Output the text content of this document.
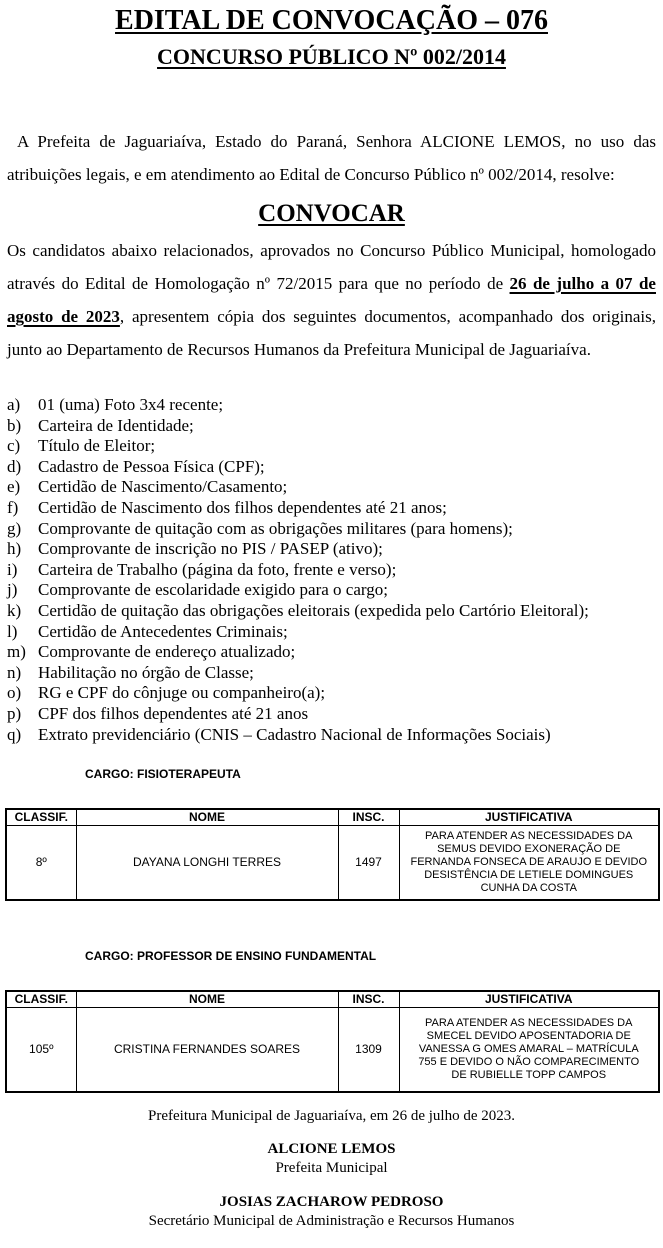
EDITAL DE CONVOCAÇÃO – 076
CONCURSO PÚBLICO Nº 002/2014

A Prefeita de Jaguariaíva, Estado do Paraná, Senhora ALCIONE LEMOS, no uso das atribuições legais, e em atendimento ao Edital de Concurso Público nº 002/2014, resolve:

CONVOCAR

Os candidatos abaixo relacionados, aprovados no Concurso Público Municipal, homologado através do Edital de Homologação nº 72/2015 para que no período de 26 de julho a 07 de agosto de 2023, apresentem cópia dos seguintes documentos, acompanhado dos originais, junto ao Departamento de Recursos Humanos da Prefeitura Municipal de Jaguariaíva.

a)	01 (uma) Foto 3x4 recente;
b) Carteira de Identidade;
c)	Título de Eleitor;
d) Cadastro de Pessoa Física (CPF);
e)	Certidão de Nascimento/Casamento;
f)	Certidão de Nascimento dos filhos dependentes até 21 anos;
g) Comprovante de quitação com as obrigações militares (para homens);
h) Comprovante de inscrição no PIS / PASEP (ativo);
i)	Carteira de Trabalho (página da foto, frente e verso);
j)	Comprovante de escolaridade exigido para o cargo;
k) Certidão de quitação das obrigações eleitorais (expedida pelo Cartório Eleitoral);
l)	Certidão de Antecedentes Criminais;
m) Comprovante de endereço atualizado;
n) Habilitação no órgão de Classe;
o) RG e CPF do cônjuge ou companheiro(a);
p) CPF dos filhos dependentes até 21 anos
q) Extrato previdenciário (CNIS – Cadastro Nacional de Informações Sociais)
CARGO: FISIOTERAPEUTA
CLASSIF.	NOME	INSC.	JUSTIFICATIVA
8º	DAYANA LONGHI TERRES	1497	PARA ATENDER AS NECESSIDADES DA SEMUS DEVIDO EXONERAÇÃO DE FERNANDA FONSECA DE ARAUJO E DEVIDO DESISTÊNCIA DE LETIELE DOMINGUES CUNHA DA COSTA
CARGO: PROFESSOR DE ENSINO FUNDAMENTAL
CLASSIF.	NOME	INSC.	JUSTIFICATIVA
105º	CRISTINA FERNANDES SOARES	1309	PARA ATENDER AS NECESSIDADES DA SMECEL DEVIDO APOSENTADORIA DE VANESSA G OMES AMARAL – MATRÍCULA 755 E DEVIDO O NÃO COMPARECIMENTO DE RUBIELLE TOPP CAMPOS
Prefeitura Municipal de Jaguariaíva, em 26 de julho de 2023.
ALCIONE LEMOS
Prefeita Municipal
JOSIAS ZACHAROW PEDROSO
Secretário Municipal de Administração e Recursos Humanos
